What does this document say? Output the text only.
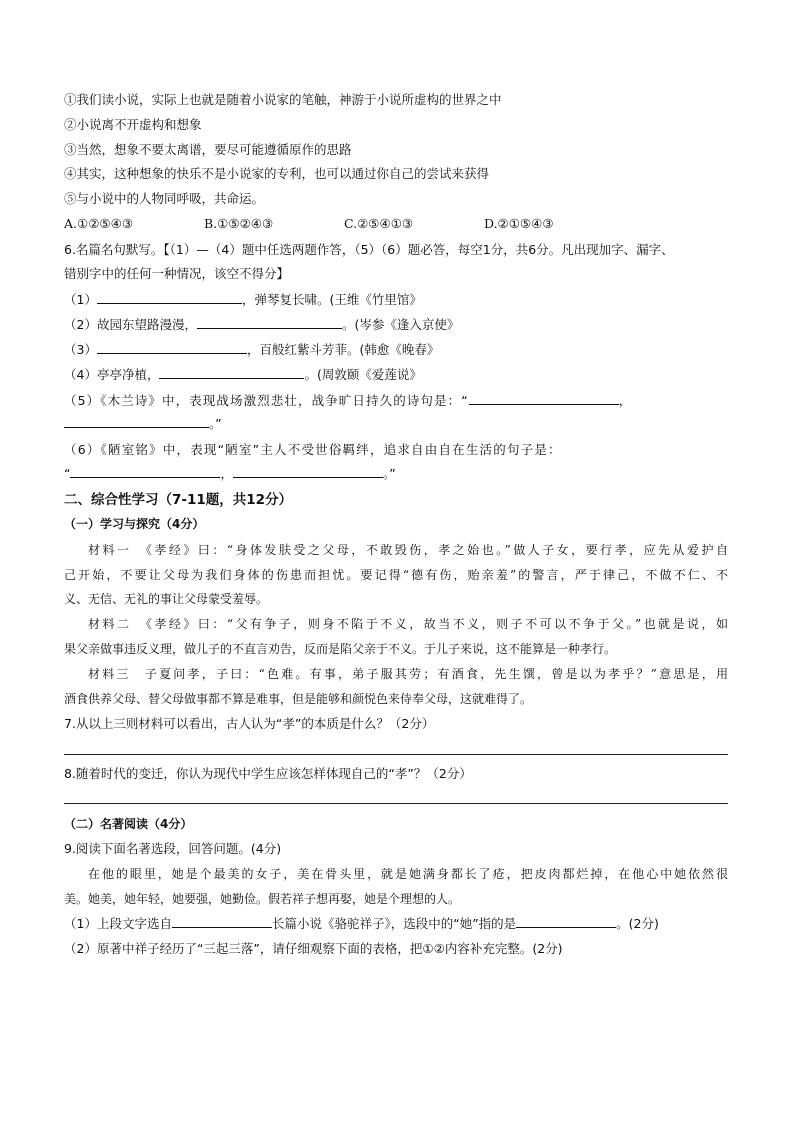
①我们读小说，实际上也就是随着小说家的笔触，神游于小说所虚构的世界之中
②小说离不开虚构和想象
③当然，想象不要太离谱，要尽可能遵循原作的思路
④其实，这种想象的快乐不是小说家的专利，也可以通过你自己的尝试来获得
⑤与小说中的人物同呼吸，共命运。
A.①②⑤④③	B.①⑤②④③	C.②⑤④①③	D.②①⑤④③
6.名篇名句默写。【（1）—（4）题中任选两题作答，（5）（6）题必答，每空1分，共6分。凡出现加字、漏字、
错别字中的任何一种情况，该空不得分】
（1）	，弹琴复长啸。(王维《竹里馆》
（2）故园东望路漫漫，	。(岑参《逢入京使》
（3）	，百般红紫斗芳菲。(韩愈《晚春》
（4）亭亭净植，	。(周敦颐《爱莲说》
（5）《木兰诗》中，表现战场激烈悲壮，战争旷日持久的诗句是：“	，
。”
（6）《陋室铭》中，表现“陋室”主人不受世俗羁绊，追求自由自在生活的句子是：
“	，	。”
二、综合性学习（7-11题，共12分）
（一）学习与探究（4分）
材料一　《孝经》曰：“身体发肤受之父母，不敢毁伤，孝之始也。”做人子女，要行孝，应先从爱护自
己开始，不要让父母为我们身体的伤患而担忧。要记得“德有伤，贻亲羞”的警言，严于律己，不做不仁、不
义、无信、无礼的事让父母蒙受羞辱。
材料二　《孝经》曰：“父有争子，则身不陷于不义，故当不义，则子不可以不争于父。”也就是说，如
果父亲做事违反义理，做儿子的不直言劝告，反而是陷父亲于不义。于儿子来说，这不能算是一种孝行。
材料三　子夏问孝，子曰：“色难。有事，弟子服其劳；有酒食，先生馔，曾是以为孝乎？”意思是，用
酒食供养父母、替父母做事都不算是难事，但是能够和颜悦色来侍奉父母，这就难得了。
7.从以上三则材料可以看出，古人认为“孝”的本质是什么？（2分）
8.随着时代的变迁，你认为现代中学生应该怎样体现自己的“孝”？（2分）
（二）名著阅读（4分）
9.阅读下面名著选段，回答问题。(4分)
在他的眼里，她是个最美的女子，美在骨头里，就是她满身都长了疮，把皮肉都烂掉，在他心中她依然很
美。她美，她年轻，她要强，她勤俭。假若祥子想再娶，她是个理想的人。
（1）上段文字选自	长篇小说《骆驼祥子》，选段中的“她”指的是	。(2分)
（2）原著中祥子经历了“三起三落”，请仔细观察下面的表格，把①②内容补充完整。(2分)
